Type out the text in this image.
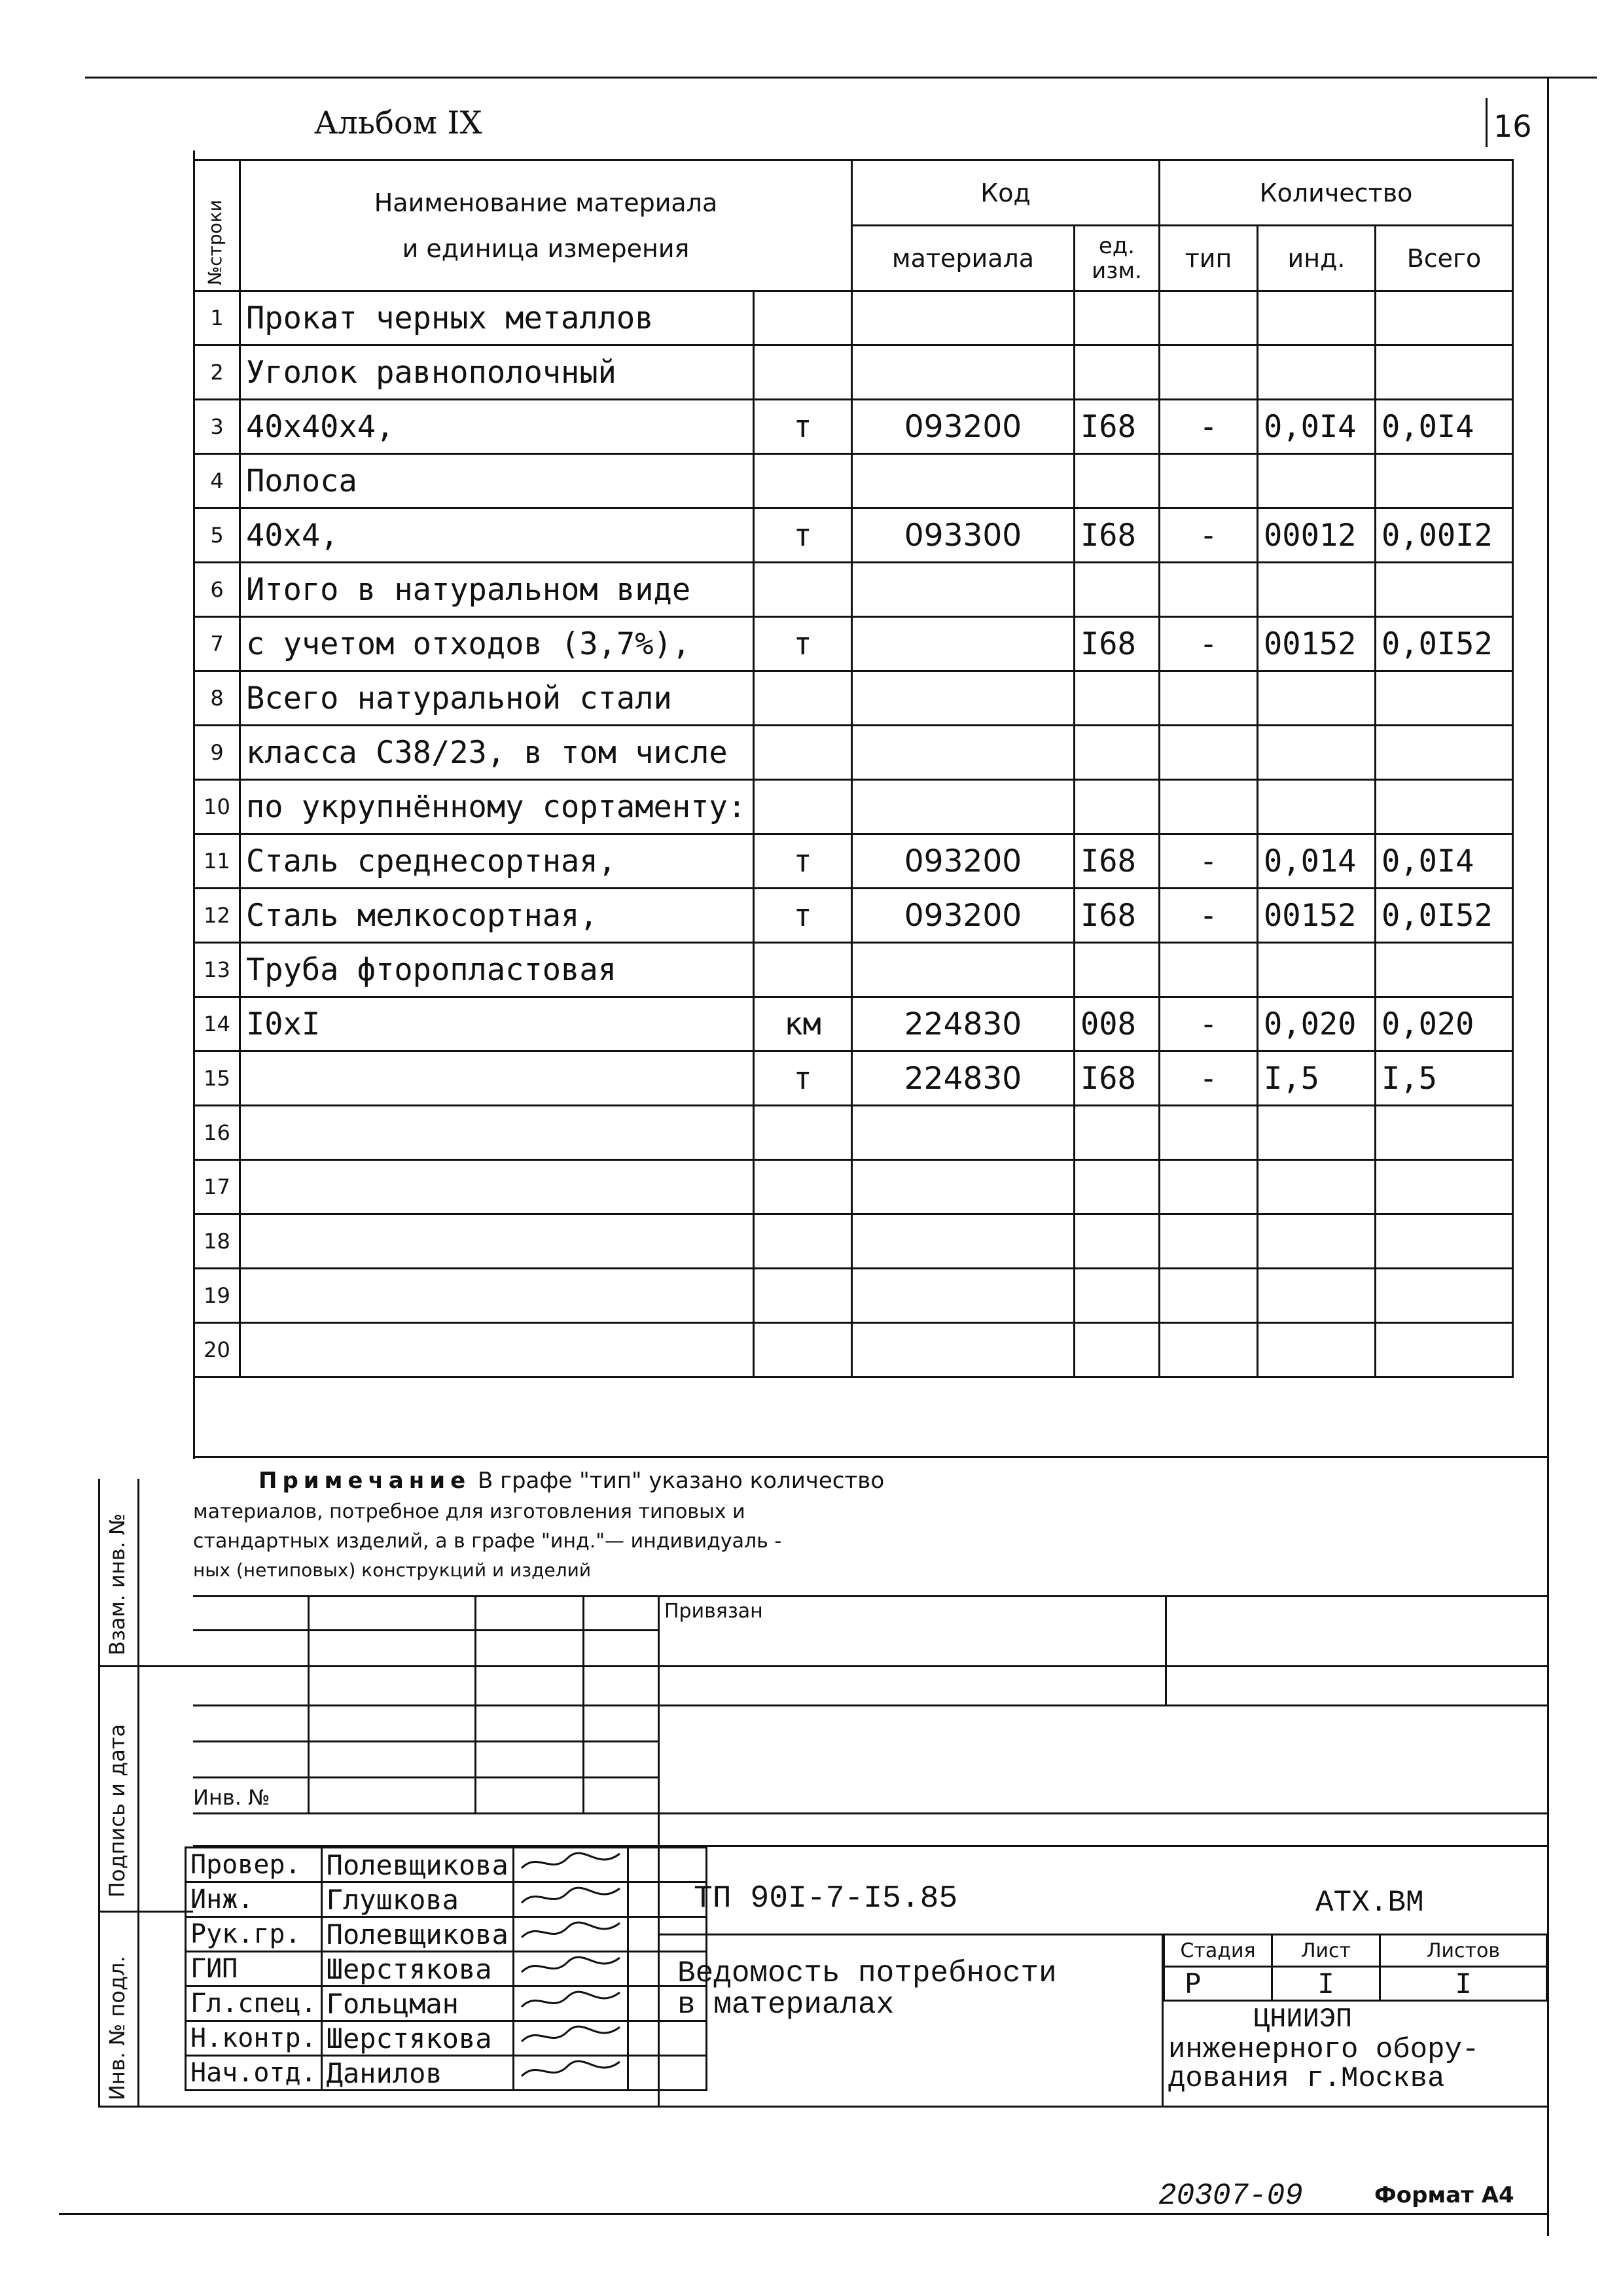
Альбом IX	16
№строки	Наименование материала
и единица измерения		Код		Количество		
			материала	ед. изм.	тип	инд.	Всего
1	Прокат черных металлов						
2	Уголок равнополочный						
3	40x40x4,	т	093200	I68	-	0,0I4	0,0I4
4	Полоса						
5	40x4,	т	093300	I68	-	00012	0,00I2
6	Итого в натуральном виде						
7	с учетом отходов (3,7%),	т		I68	-	00152	0,0I52
8	Всего натуральной стали						
9	класса С38/23, в том числе						
10	по укрупнённому сортаменту:						
11	Сталь среднесортная,	т	093200	I68	-	0,014	0,0I4
12	Сталь мелкосортная,	т	093200	I68	-	00152	0,0I52
13	Труба фторопластовая						
14	I0xI	км	224830	008	-	0,020	0,020
15		т	224830	I68	-	I,5	I,5
16							
17							
18							
19							
20							
Примечание В графе "тип" указано количество
материалов, потребное для изготовления типовых и
стандартных изделий, а в графе "инд."— индивидуаль -
ных (нетиповых) конструкций и изделий
Взам. инв. №
Подпись и дата
Инв. № подл.
Привязан
Инв. №
Провер.	Полевщикова		
Инж.	Глушкова		
Рук.гр.	Полевщикова		
ГИП	Шерстякова		
Гл.спец.	Гольцман		
Н.контр.	Шерстякова		
Нач.отд.	Данилов		
ТП 90I-7-I5.85	АТХ.ВМ
Ведомость потребности
в материалах
Стадия	Лист	Листов
Р	I	I
ЦНИИЭП
инженерного обору-
дования г.Москва
20307-09	Формат А4
